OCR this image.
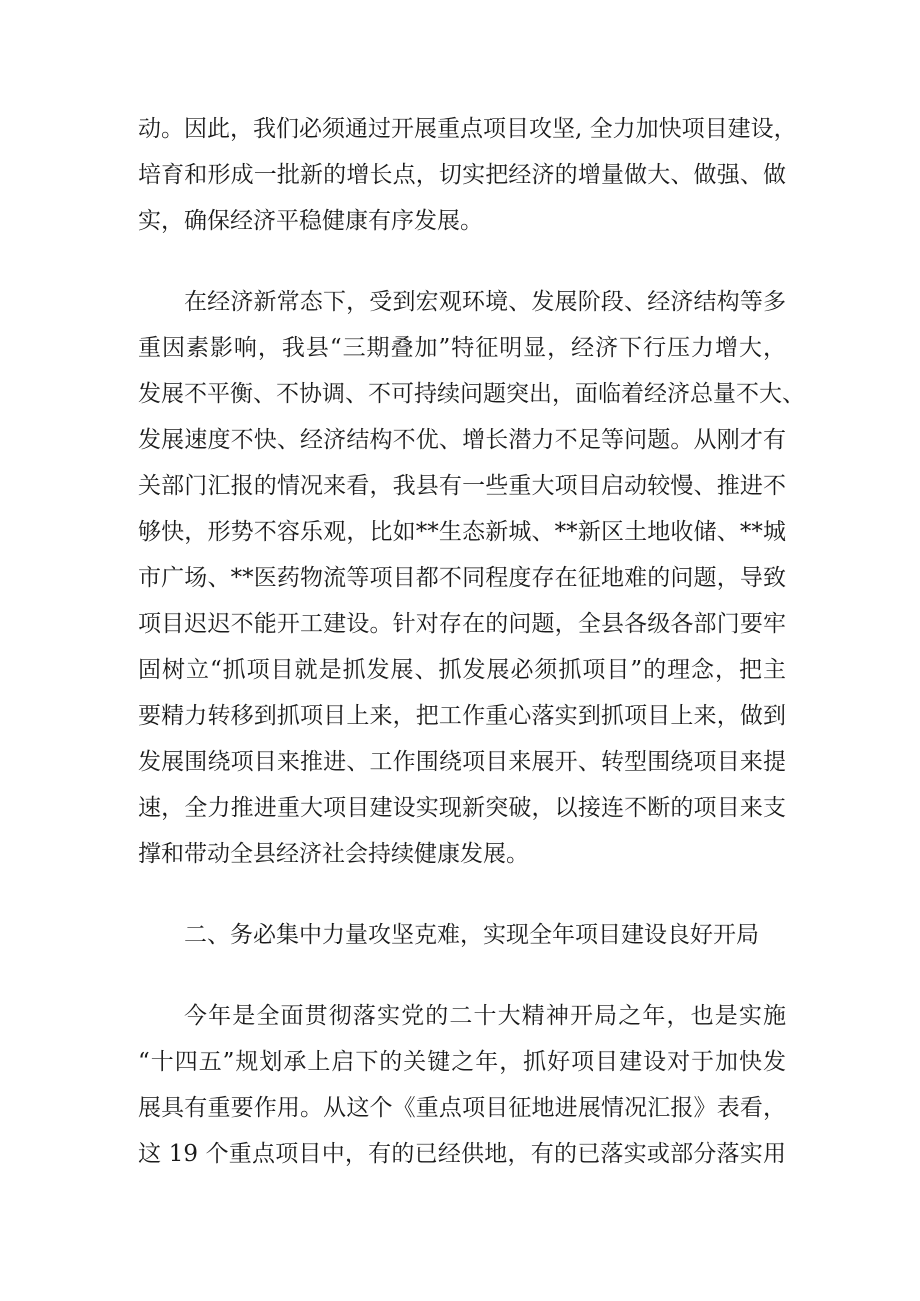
动。因此，我们必须通过开展重点项目攻坚, 全力加快项目建设，
培育和形成一批新的增长点，切实把经济的增量做大、做强、做
实，确保经济平稳健康有序发展。
在经济新常态下，受到宏观环境、发展阶段、经济结构等多
重因素影响，我县“三期叠加”特征明显，经济下行压力增大，
发展不平衡、不协调、不可持续问题突出，面临着经济总量不大、
发展速度不快、经济结构不优、增长潜力不足等问题。从刚才有
关部门汇报的情况来看，我县有一些重大项目启动较慢、推进不
够快，形势不容乐观，比如**生态新城、**新区土地收储、**城
市广场、**医药物流等项目都不同程度存在征地难的问题，导致
项目迟迟不能开工建设。针对存在的问题，全县各级各部门要牢
固树立“抓项目就是抓发展、抓发展必须抓项目”的理念，把主
要精力转移到抓项目上来，把工作重心落实到抓项目上来，做到
发展围绕项目来推进、工作围绕项目来展开、转型围绕项目来提
速，全力推进重大项目建设实现新突破，以接连不断的项目来支
撑和带动全县经济社会持续健康发展。
二、务必集中力量攻坚克难，实现全年项目建设良好开局
今年是全面贯彻落实党的二十大精神开局之年，也是实施
“十四五”规划承上启下的关键之年，抓好项目建设对于加快发
展具有重要作用。从这个《重点项目征地进展情况汇报》表看，
这 19 个重点项目中，有的已经供地，有的已落实或部分落实用
